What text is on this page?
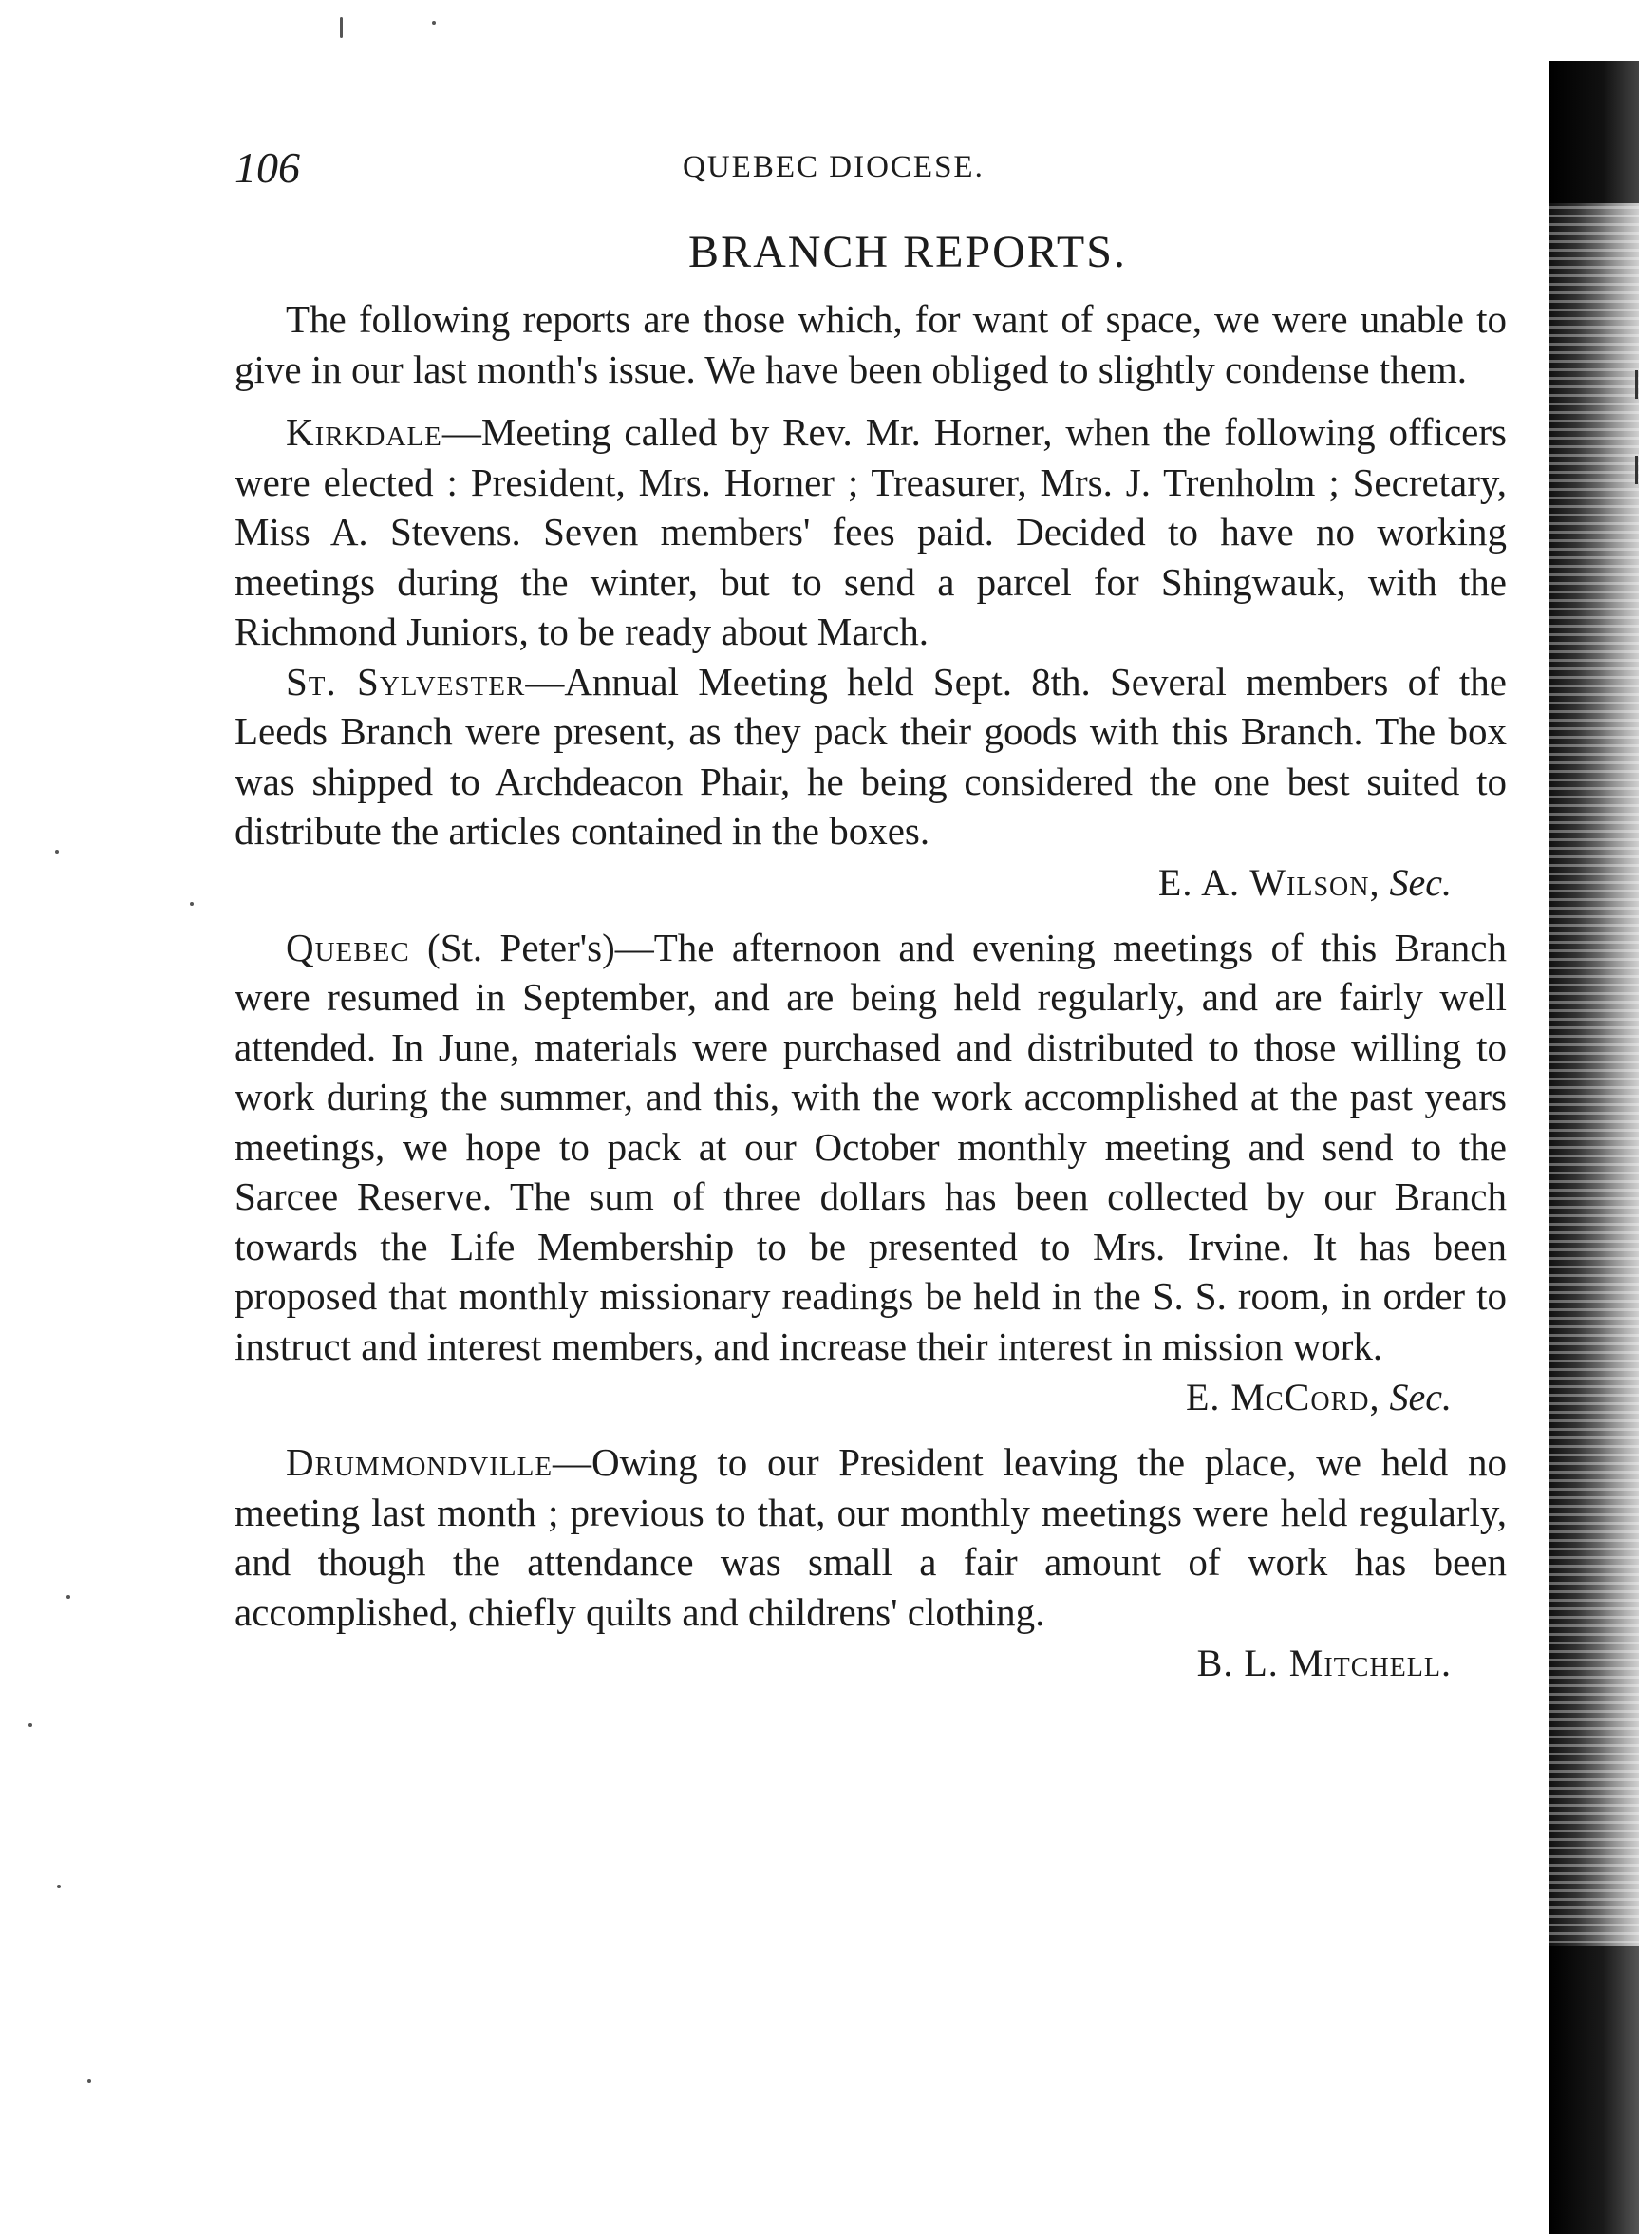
106	QUEBEC DIOCESE.
BRANCH REPORTS.

The following reports are those which, for want of space, we were unable to give in our last month's issue. We have been obliged to slightly condense them.

Kirkdale—Meeting called by Rev. Mr. Horner, when the following officers were elected : President, Mrs. Horner ; Treasurer, Mrs. J. Trenholm ; Secretary, Miss A. Stevens. Seven members' fees paid. Decided to have no working meetings during the winter, but to send a parcel for Shingwauk, with the Richmond Juniors, to be ready about March.

St. Sylvester—Annual Meeting held Sept. 8th. Several members of the Leeds Branch were present, as they pack their goods with this Branch. The box was shipped to Archdeacon Phair, he being considered the one best suited to distribute the articles contained in the boxes.

E. A. Wilson, Sec.

Quebec (St. Peter's)—The afternoon and evening meetings of this Branch were resumed in September, and are being held regularly, and are fairly well attended. In June, materials were purchased and distributed to those willing to work during the summer, and this, with the work accomplished at the past years meetings, we hope to pack at our October monthly meeting and send to the Sarcee Reserve. The sum of three dollars has been collected by our Branch towards the Life Membership to be presented to Mrs. Irvine. It has been proposed that monthly missionary readings be held in the S. S. room, in order to instruct and interest members, and increase their interest in mission work.

E. McCord, Sec.

Drummondville—Owing to our President leaving the place, we held no meeting last month ; previous to that, our monthly meetings were held regularly, and though the attendance was small a fair amount of work has been accomplished, chiefly quilts and childrens' clothing.

B. L. Mitchell.
